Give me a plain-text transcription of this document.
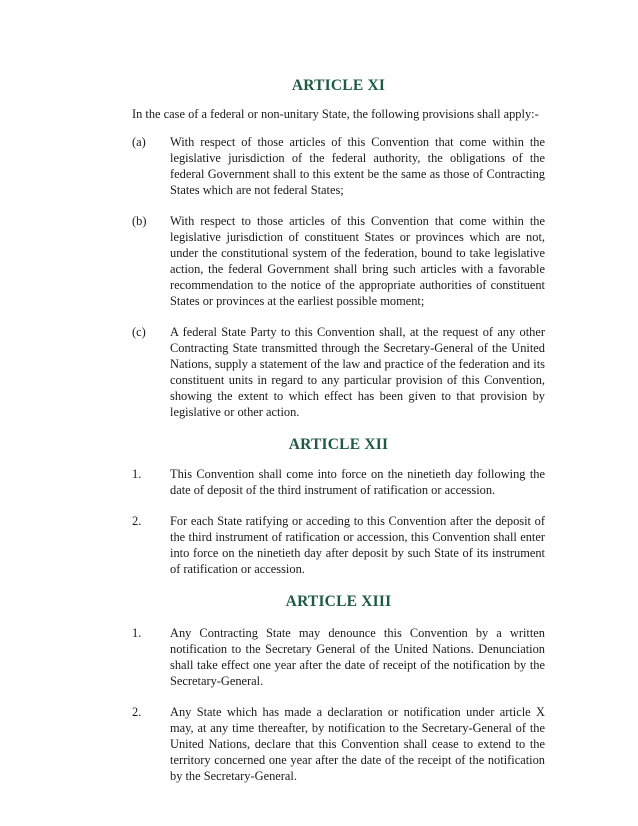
ARTICLE XI

In the case of a federal or non-unitary State, the following provisions shall apply:-

(a)	With respect of those articles of this Convention that come within the legislative jurisdiction of the federal authority, the obligations of the federal Government shall to this extent be the same as those of Contracting States which are not federal States;
(b)	With respect to those articles of this Convention that come within the legislative jurisdiction of constituent States or provinces which are not, under the constitutional system of the federation, bound to take legislative action, the federal Government shall bring such articles with a favorable recommendation to the notice of the appropriate authorities of constituent States or provinces at the earliest possible moment;
(c)	A federal State Party to this Convention shall, at the request of any other Contracting State transmitted through the Secretary-General of the United Nations, supply a statement of the law and practice of the federation and its constituent units in regard to any particular provision of this Convention, showing the extent to which effect has been given to that provision by legislative or other action.
ARTICLE XII
1.	This Convention shall come into force on the ninetieth day following the date of deposit of the third instrument of ratification or accession.
2.	For each State ratifying or acceding to this Convention after the deposit of the third instrument of ratification or accession, this Convention shall enter into force on the ninetieth day after deposit by such State of its instrument of ratification or accession.
ARTICLE XIII
1.	Any Contracting State may denounce this Convention by a written notification to the Secretary General of the United Nations. Denunciation shall take effect one year after the date of receipt of the notification by the Secretary-General.
2.	Any State which has made a declaration or notification under article X may, at any time thereafter, by notification to the Secretary-General of the United Nations, declare that this Convention shall cease to extend to the territory concerned one year after the date of the receipt of the notification by the Secretary-General.
